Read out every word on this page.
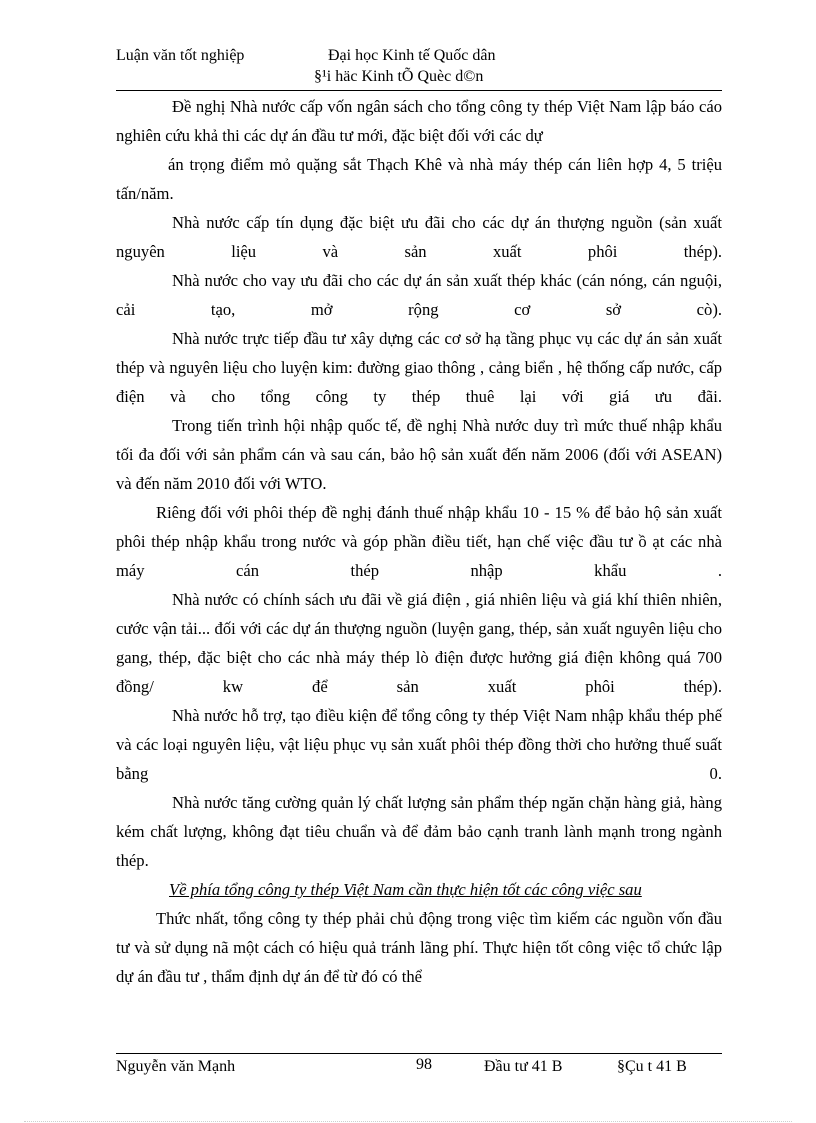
Luận văn tốt nghiệp	Đại học Kinh tế Quốc dân
§¹i häc Kinh tÕ Quèc d©n

Đề nghị Nhà nước cấp vốn ngân sách cho tổng công ty thép Việt Nam lập báo cáo nghiên cứu khả thi các dự án đầu tư mới, đặc biệt đối với các dự
án trọng điểm mỏ quặng sắt Thạch Khê và nhà máy thép cán liên hợp 4, 5 triệu tấn/năm.

Nhà nước cấp tín dụng đặc biệt ưu đãi cho các dự án thượng nguồn (sản xuất nguyên liệu và sản xuất phôi thép).

Nhà nước cho vay ưu đãi cho các dự án sản xuất thép khác (cán nóng, cán nguội, cải tạo, mở rộng cơ sở cò).

Nhà nước trực tiếp đầu tư xây dựng các cơ sở hạ tầng phục vụ các dự án sản xuất thép và nguyên liệu cho luyện kim: đường giao thông , cảng biển , hệ thống cấp nước, cấp điện và cho tổng công ty thép thuê lại với giá ưu đãi.

Trong tiến trình hội nhập quốc tế, đề nghị Nhà nước duy trì mức thuế nhập khẩu tối đa đối với sản phẩm cán và sau cán, bảo hộ sản xuất đến năm 2006 (đối với ASEAN) và đến năm 2010 đối với WTO.

Riêng đối với phôi thép đề nghị đánh thuế nhập khẩu 10 - 15 % để bảo hộ sản xuất phôi thép nhập khẩu trong nước và góp phần điều tiết, hạn chế việc đầu tư ồ ạt các nhà máy cán thép nhập khẩu .

Nhà nước có chính sách ưu đãi về giá điện , giá nhiên liệu và giá khí thiên nhiên, cước vận tải... đối với các dự án thượng nguồn (luyện gang, thép, sản xuất nguyên liệu cho gang, thép, đặc biệt cho các nhà máy thép lò điện được hưởng giá điện không quá 700 đồng/ kw để sản xuất phôi thép).

Nhà nước hỗ trợ, tạo điều kiện để tổng công ty thép Việt Nam nhập khẩu thép phế và các loại nguyên liệu, vật liệu phục vụ sản xuất phôi thép đồng thời cho hưởng thuế suất bằng 0.

Nhà nước tăng cường quản lý chất lượng sản phẩm thép ngăn chặn hàng giả, hàng kém chất lượng, không đạt tiêu chuẩn và để đảm bảo cạnh tranh lành mạnh trong ngành thép.

Về phía tổng công ty thép Việt Nam cần thực hiện tốt các công việc sau

Thức nhất, tổng công ty thép phải chủ động trong việc tìm kiếm các nguồn vốn đầu tư và sử dụng nã một cách có hiệu quả tránh lãng phí. Thực hiện tốt công việc tổ chức lập dự án đầu tư , thẩm định dự án để từ đó có thể

Nguyễn văn Mạnh	98	Đầu tư 41 B	§Çu t 41 B
